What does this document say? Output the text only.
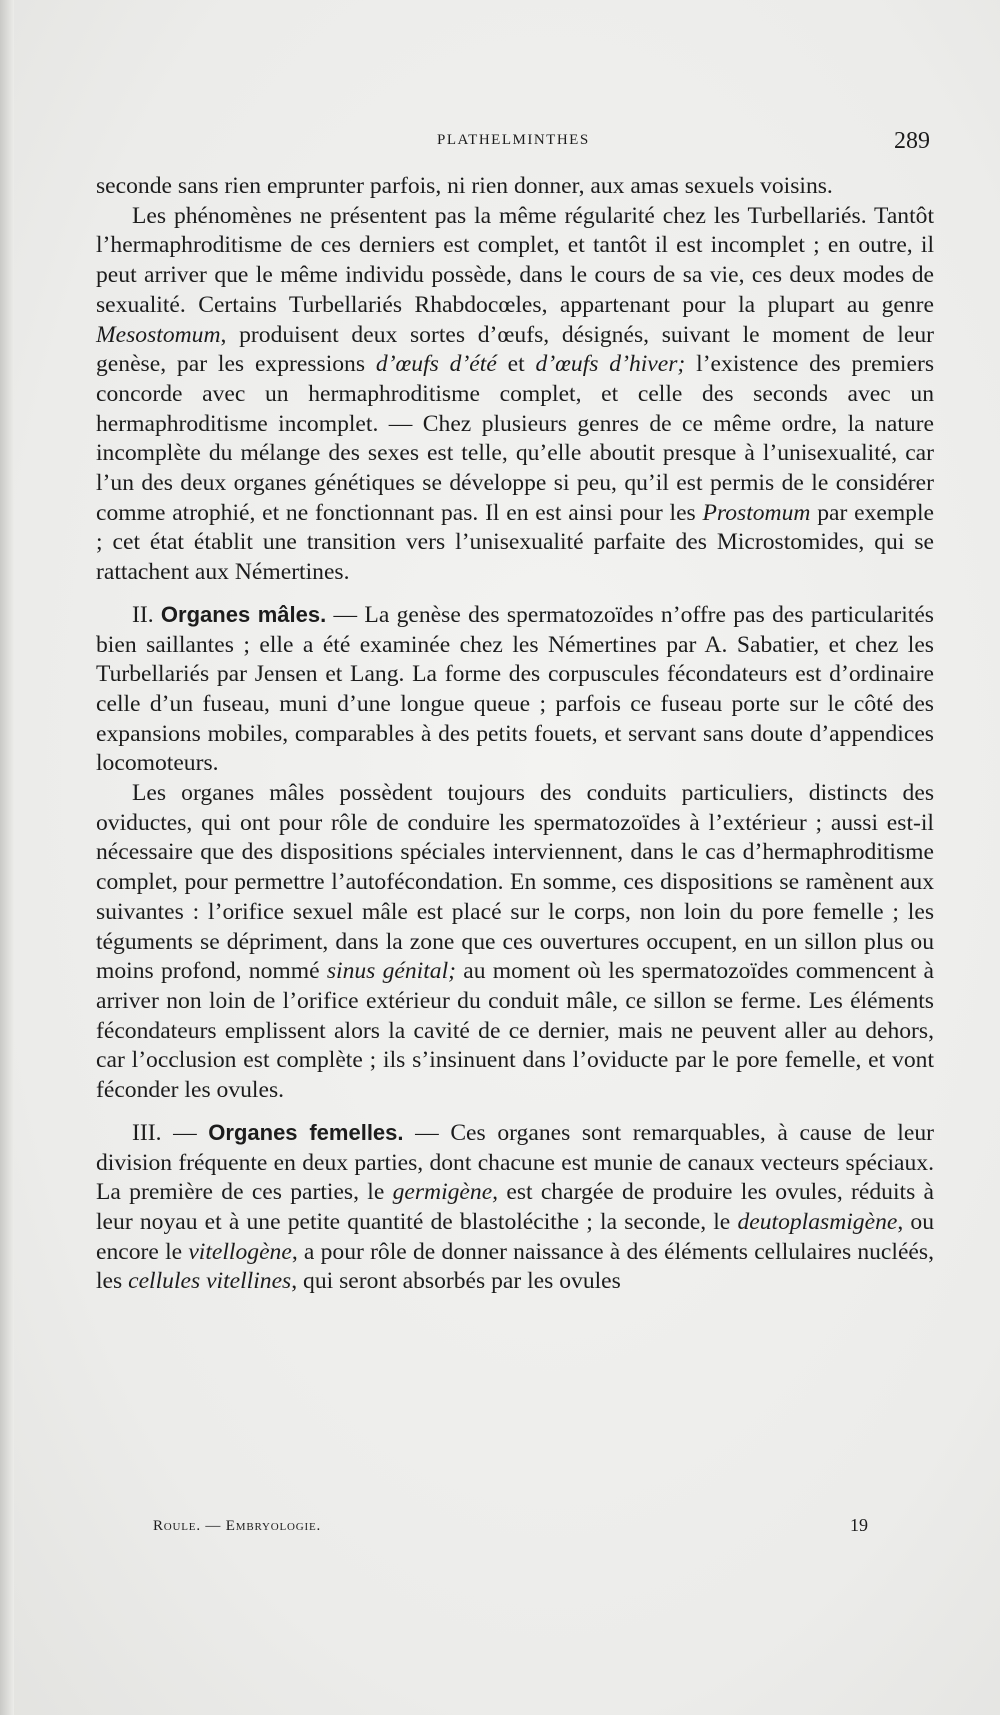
PLATHELMINTHES	289

seconde sans rien emprunter parfois, ni rien donner, aux amas sexuels voisins.

Les phénomènes ne présentent pas la même régularité chez les Turbellariés. Tantôt l’hermaphroditisme de ces derniers est complet, et tantôt il est incomplet ; en outre, il peut arriver que le même individu possède, dans le cours de sa vie, ces deux modes de sexualité. Certains Turbellariés Rhabdocœles, appartenant pour la plupart au genre Mesostomum, produisent deux sortes d’œufs, désignés, suivant le moment de leur genèse, par les expressions d’œufs d’été et d’œufs d’hiver; l’existence des premiers concorde avec un hermaphroditisme complet, et celle des seconds avec un hermaphroditisme incomplet. — Chez plusieurs genres de ce même ordre, la nature incomplète du mélange des sexes est telle, qu’elle aboutit presque à l’unisexualité, car l’un des deux organes génétiques se développe si peu, qu’il est permis de le considérer comme atrophié, et ne fonctionnant pas. Il en est ainsi pour les Prostomum par exemple ; cet état établit une transition vers l’unisexualité parfaite des Microstomides, qui se rattachent aux Némertines.

II. Organes mâles. — La genèse des spermatozoïdes n’offre pas des particularités bien saillantes ; elle a été examinée chez les Némertines par A. Sabatier, et chez les Turbellariés par Jensen et Lang. La forme des corpuscules fécondateurs est d’ordinaire celle d’un fuseau, muni d’une longue queue ; parfois ce fuseau porte sur le côté des expansions mobiles, comparables à des petits fouets, et servant sans doute d’appendices locomoteurs.

Les organes mâles possèdent toujours des conduits particuliers, distincts des oviductes, qui ont pour rôle de conduire les spermatozoïdes à l’extérieur ; aussi est-il nécessaire que des dispositions spéciales interviennent, dans le cas d’hermaphroditisme complet, pour permettre l’autofécondation. En somme, ces dispositions se ramènent aux suivantes : l’orifice sexuel mâle est placé sur le corps, non loin du pore femelle ; les téguments se dépriment, dans la zone que ces ouvertures occupent, en un sillon plus ou moins profond, nommé sinus génital; au moment où les spermatozoïdes commencent à arriver non loin de l’orifice extérieur du conduit mâle, ce sillon se ferme. Les éléments fécondateurs emplissent alors la cavité de ce dernier, mais ne peuvent aller au dehors, car l’occlusion est complète ; ils s’insinuent dans l’oviducte par le pore femelle, et vont féconder les ovules.

III. — Organes femelles. — Ces organes sont remarquables, à cause de leur division fréquente en deux parties, dont chacune est munie de canaux vecteurs spéciaux. La première de ces parties, le germigène, est chargée de produire les ovules, réduits à leur noyau et à une petite quantité de blastolécithe ; la seconde, le deutoplasmigène, ou encore le vitellogène, a pour rôle de donner naissance à des éléments cellulaires nucléés, les cellules vitellines, qui seront absorbés par les ovules

Roule. — Embryologie.	19
